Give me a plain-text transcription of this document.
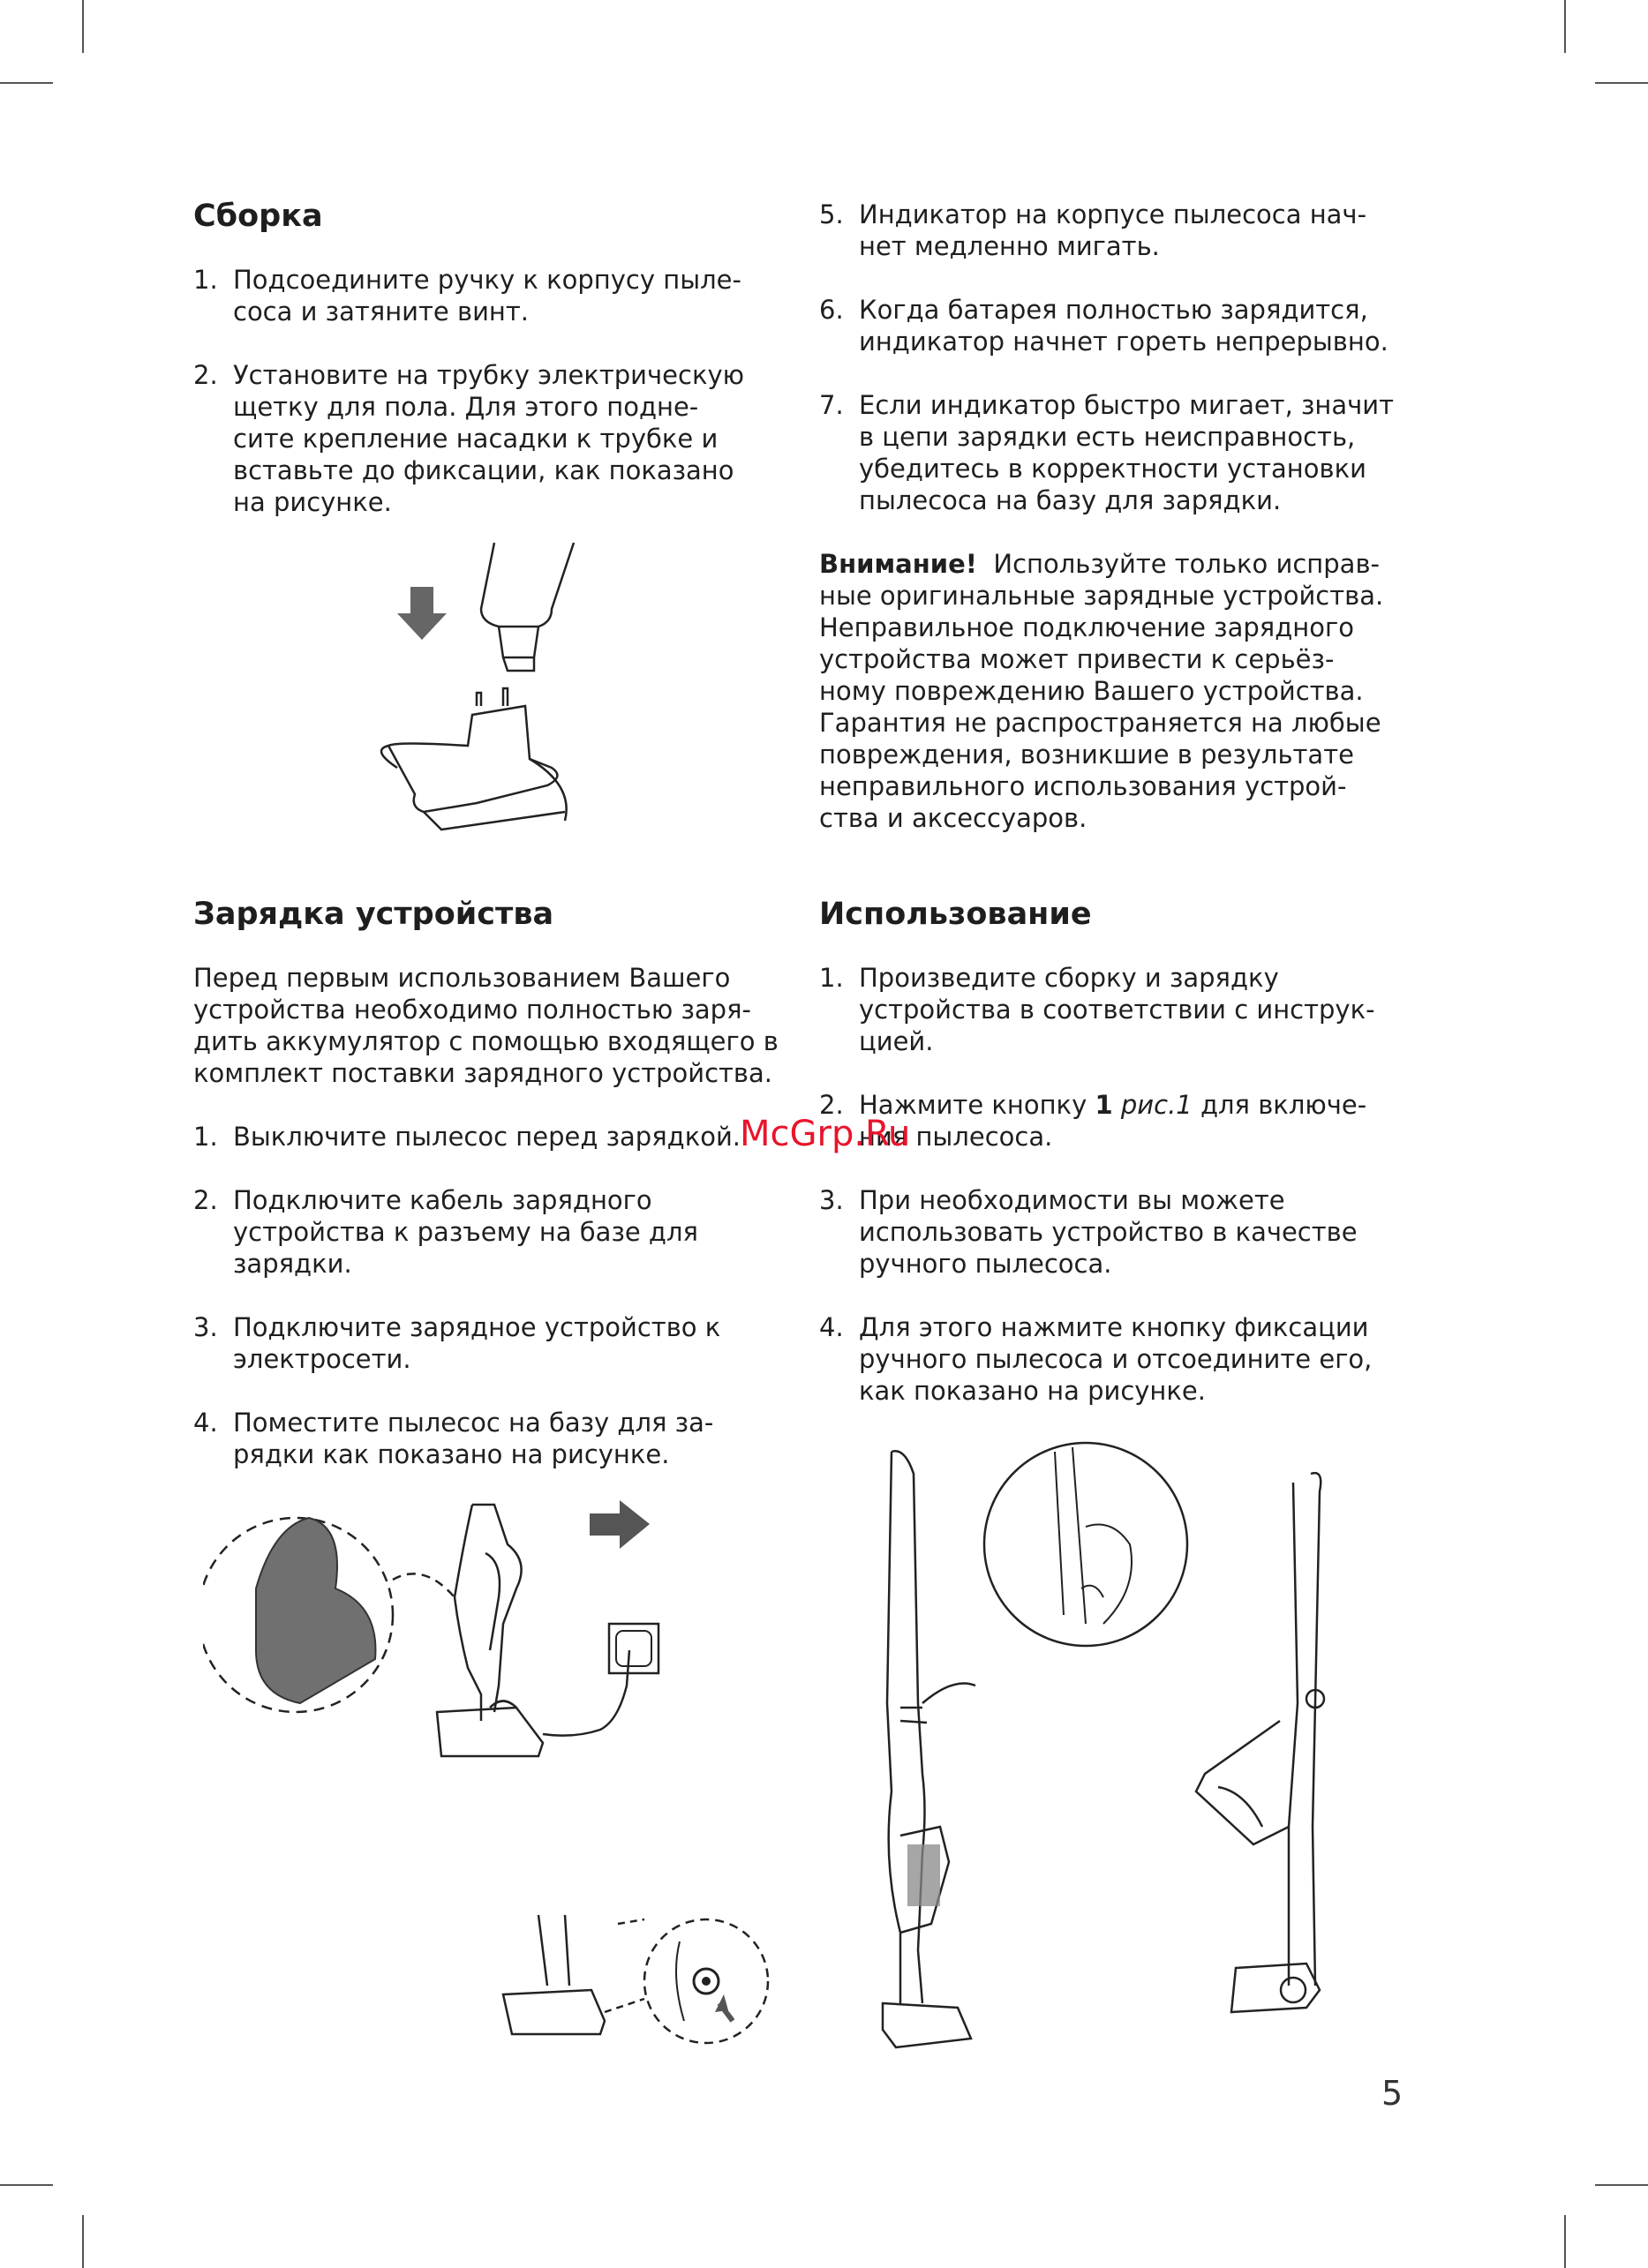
Сборка
1. Подсоедините ручку к корпусу пыле-
соса и затяните винт.
2. Установите на трубку электрическую
щетку для пола. Для этого подне-
сите крепление насадки к трубке и
вставьте до фиксации, как показано
на рисунке.
5. Индикатор на корпусе пылесоса нач-
нет медленно мигать.
6. Когда батарея полностью зарядится,
индикатор начнет гореть непрерывно.
7. Если индикатор быстро мигает, значит
в цепи зарядки есть неисправность,
убедитесь в корректности установки
пылесоса на базу для зарядки.

Внимание! Используйте только исправ-
ные оригинальные зарядные устройства.
Неправильное подключение зарядного
устройства может привести к серьёз-
ному повреждению Вашего устройства.
Гарантия не распространяется на любые
повреждения, возникшие в результате
неправильного использования устрой-
ства и аксессуаров.

Зарядка устройства

Перед первым использованием Вашего
устройства необходимо полностью заря-
дить аккумулятор с помощью входящего в
комплект поставки зарядного устройства.

1. Выключите пылесос перед зарядкой.
2. Подключите кабель зарядного
устройства к разъему на базе для
зарядки.
3. Подключите зарядное устройство к
электросети.
4. Поместите пылесос на базу для за-
рядки как показано на рисунке.
Использование
1. Произведите сборку и зарядку
устройства в соответствии с инструк-
цией.
2. Нажмите кнопку 1 рис.1 для включе-
ния пылесоса.
3. При необходимости вы можете
использовать устройство в качестве
ручного пылесоса.
4. Для этого нажмите кнопку фиксации
ручного пылесоса и отсоедините его,
как показано на рисунке.
McGrp.Ru
5
